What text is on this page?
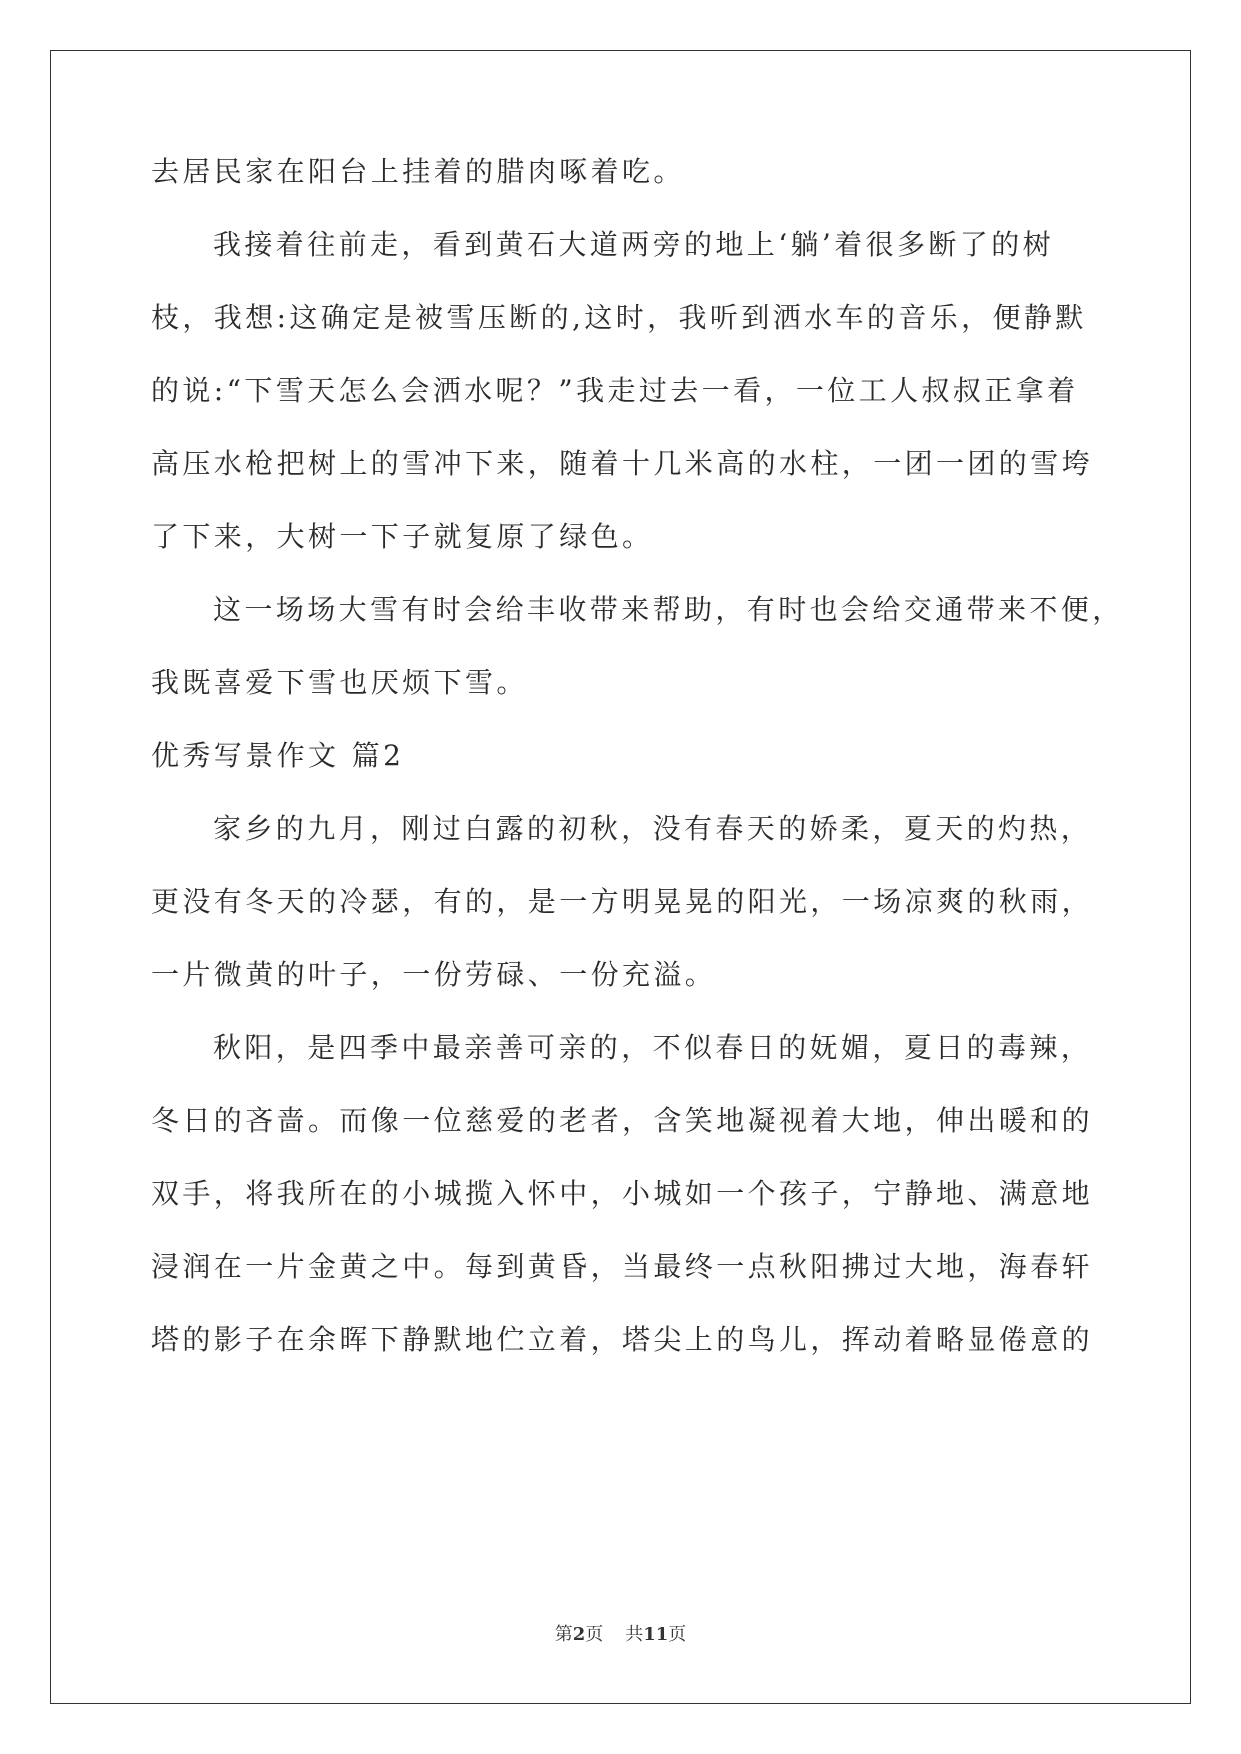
去居民家在阳台上挂着的腊肉啄着吃。

我接着往前走，看到黄石大道两旁的地上‘躺’着很多断了的树

枝，我想:这确定是被雪压断的,这时，我听到洒水车的音乐，便静默

的说:“下雪天怎么会洒水呢？”我走过去一看，一位工人叔叔正拿着

高压水枪把树上的雪冲下来，随着十几米高的水柱，一团一团的雪垮

了下来，大树一下子就复原了绿色。

这一场场大雪有时会给丰收带来帮助，有时也会给交通带来不便，

我既喜爱下雪也厌烦下雪。

优秀写景作文 篇2

家乡的九月，刚过白露的初秋，没有春天的娇柔，夏天的灼热，

更没有冬天的冷瑟，有的，是一方明晃晃的阳光，一场凉爽的秋雨，

一片微黄的叶子，一份劳碌、一份充溢。

秋阳，是四季中最亲善可亲的，不似春日的妩媚，夏日的毒辣，

冬日的吝啬。而像一位慈爱的老者，含笑地凝视着大地，伸出暖和的

双手，将我所在的小城揽入怀中，小城如一个孩子，宁静地、满意地

浸润在一片金黄之中。每到黄昏，当最终一点秋阳拂过大地，海春轩

塔的影子在余晖下静默地伫立着，塔尖上的鸟儿，挥动着略显倦意的

第2页 共11页
